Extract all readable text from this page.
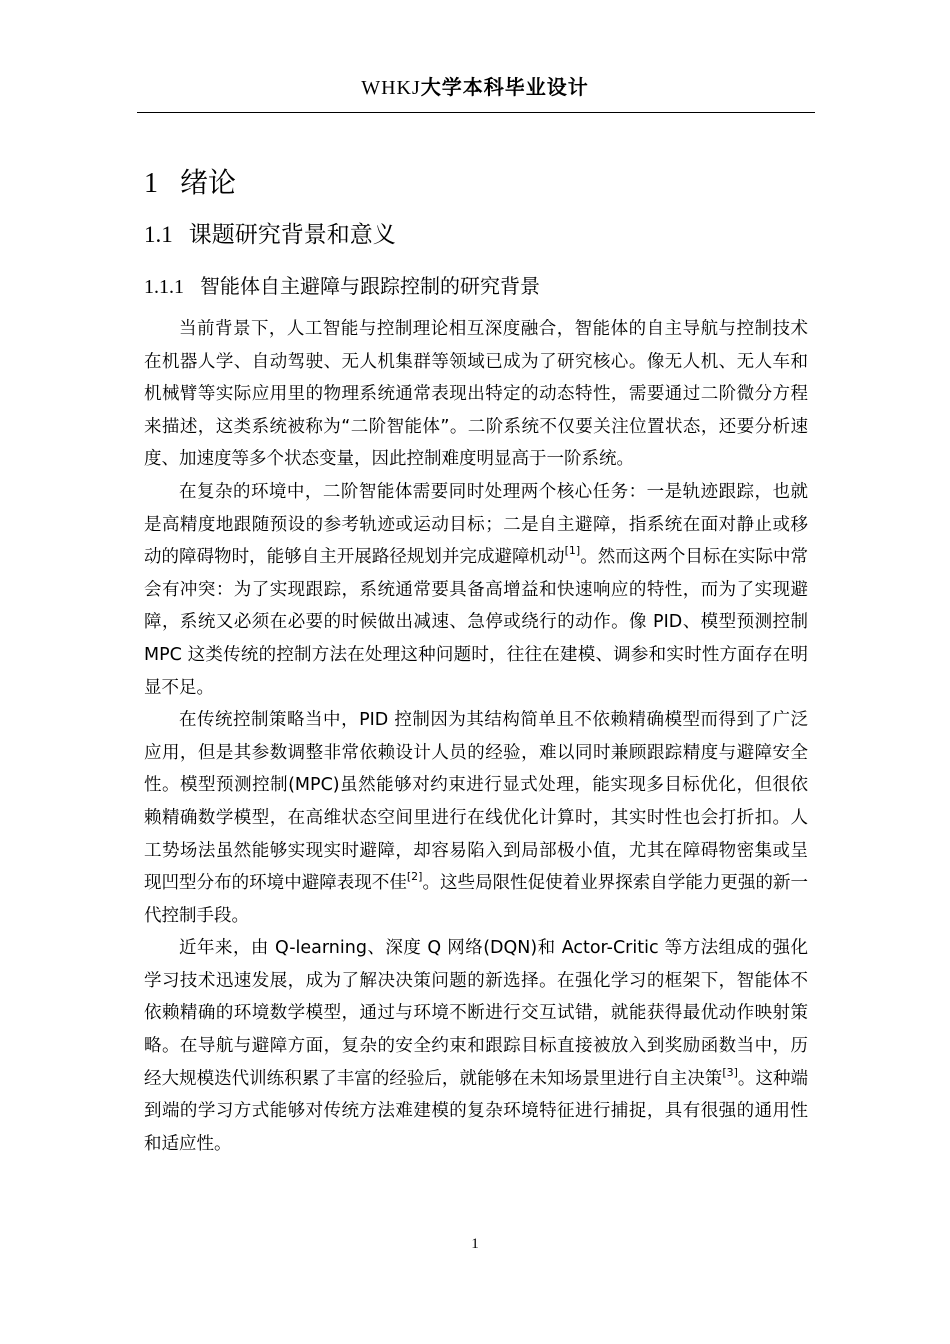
WHKJ大学本科毕业设计
1 绪论
1.1 课题研究背景和意义
1.1.1 智能体自主避障与跟踪控制的研究背景

当前背景下，人工智能与控制理论相互深度融合，智能体的自主导航与控制技术在机器人学、自动驾驶、无人机集群等领域已成为了研究核心。像无人机、无人车和机械臂等实际应用里的物理系统通常表现出特定的动态特性，需要通过二阶微分方程来描述，这类系统被称为“二阶智能体”。二阶系统不仅要关注位置状态，还要分析速度、加速度等多个状态变量，因此控制难度明显高于一阶系统。

在复杂的环境中，二阶智能体需要同时处理两个核心任务：一是轨迹跟踪，也就是高精度地跟随预设的参考轨迹或运动目标；二是自主避障，指系统在面对静止或移动的障碍物时，能够自主开展路径规划并完成避障机动[1]。然而这两个目标在实际中常会有冲突：为了实现跟踪，系统通常要具备高增益和快速响应的特性，而为了实现避障，系统又必须在必要的时候做出减速、急停或绕行的动作。像 PID、模型预测控制 MPC 这类传统的控制方法在处理这种问题时，往往在建模、调参和实时性方面存在明显不足。

在传统控制策略当中，PID 控制因为其结构简单且不依赖精确模型而得到了广泛应用，但是其参数调整非常依赖设计人员的经验，难以同时兼顾跟踪精度与避障安全性。模型预测控制(MPC)虽然能够对约束进行显式处理，能实现多目标优化，但很依赖精确数学模型，在高维状态空间里进行在线优化计算时，其实时性也会打折扣。人工势场法虽然能够实现实时避障，却容易陷入到局部极小值，尤其在障碍物密集或呈现凹型分布的环境中避障表现不佳[2]。这些局限性促使着业界探索自学能力更强的新一代控制手段。

近年来，由 Q-learning、深度 Q 网络(DQN)和 Actor-Critic 等方法组成的强化学习技术迅速发展，成为了解决决策问题的新选择。在强化学习的框架下，智能体不依赖精确的环境数学模型，通过与环境不断进行交互试错，就能获得最优动作映射策略。在导航与避障方面，复杂的安全约束和跟踪目标直接被放入到奖励函数当中，历经大规模迭代训练积累了丰富的经验后，就能够在未知场景里进行自主决策[3]。这种端到端的学习方式能够对传统方法难建模的复杂环境特征进行捕捉，具有很强的通用性和适应性。

1
